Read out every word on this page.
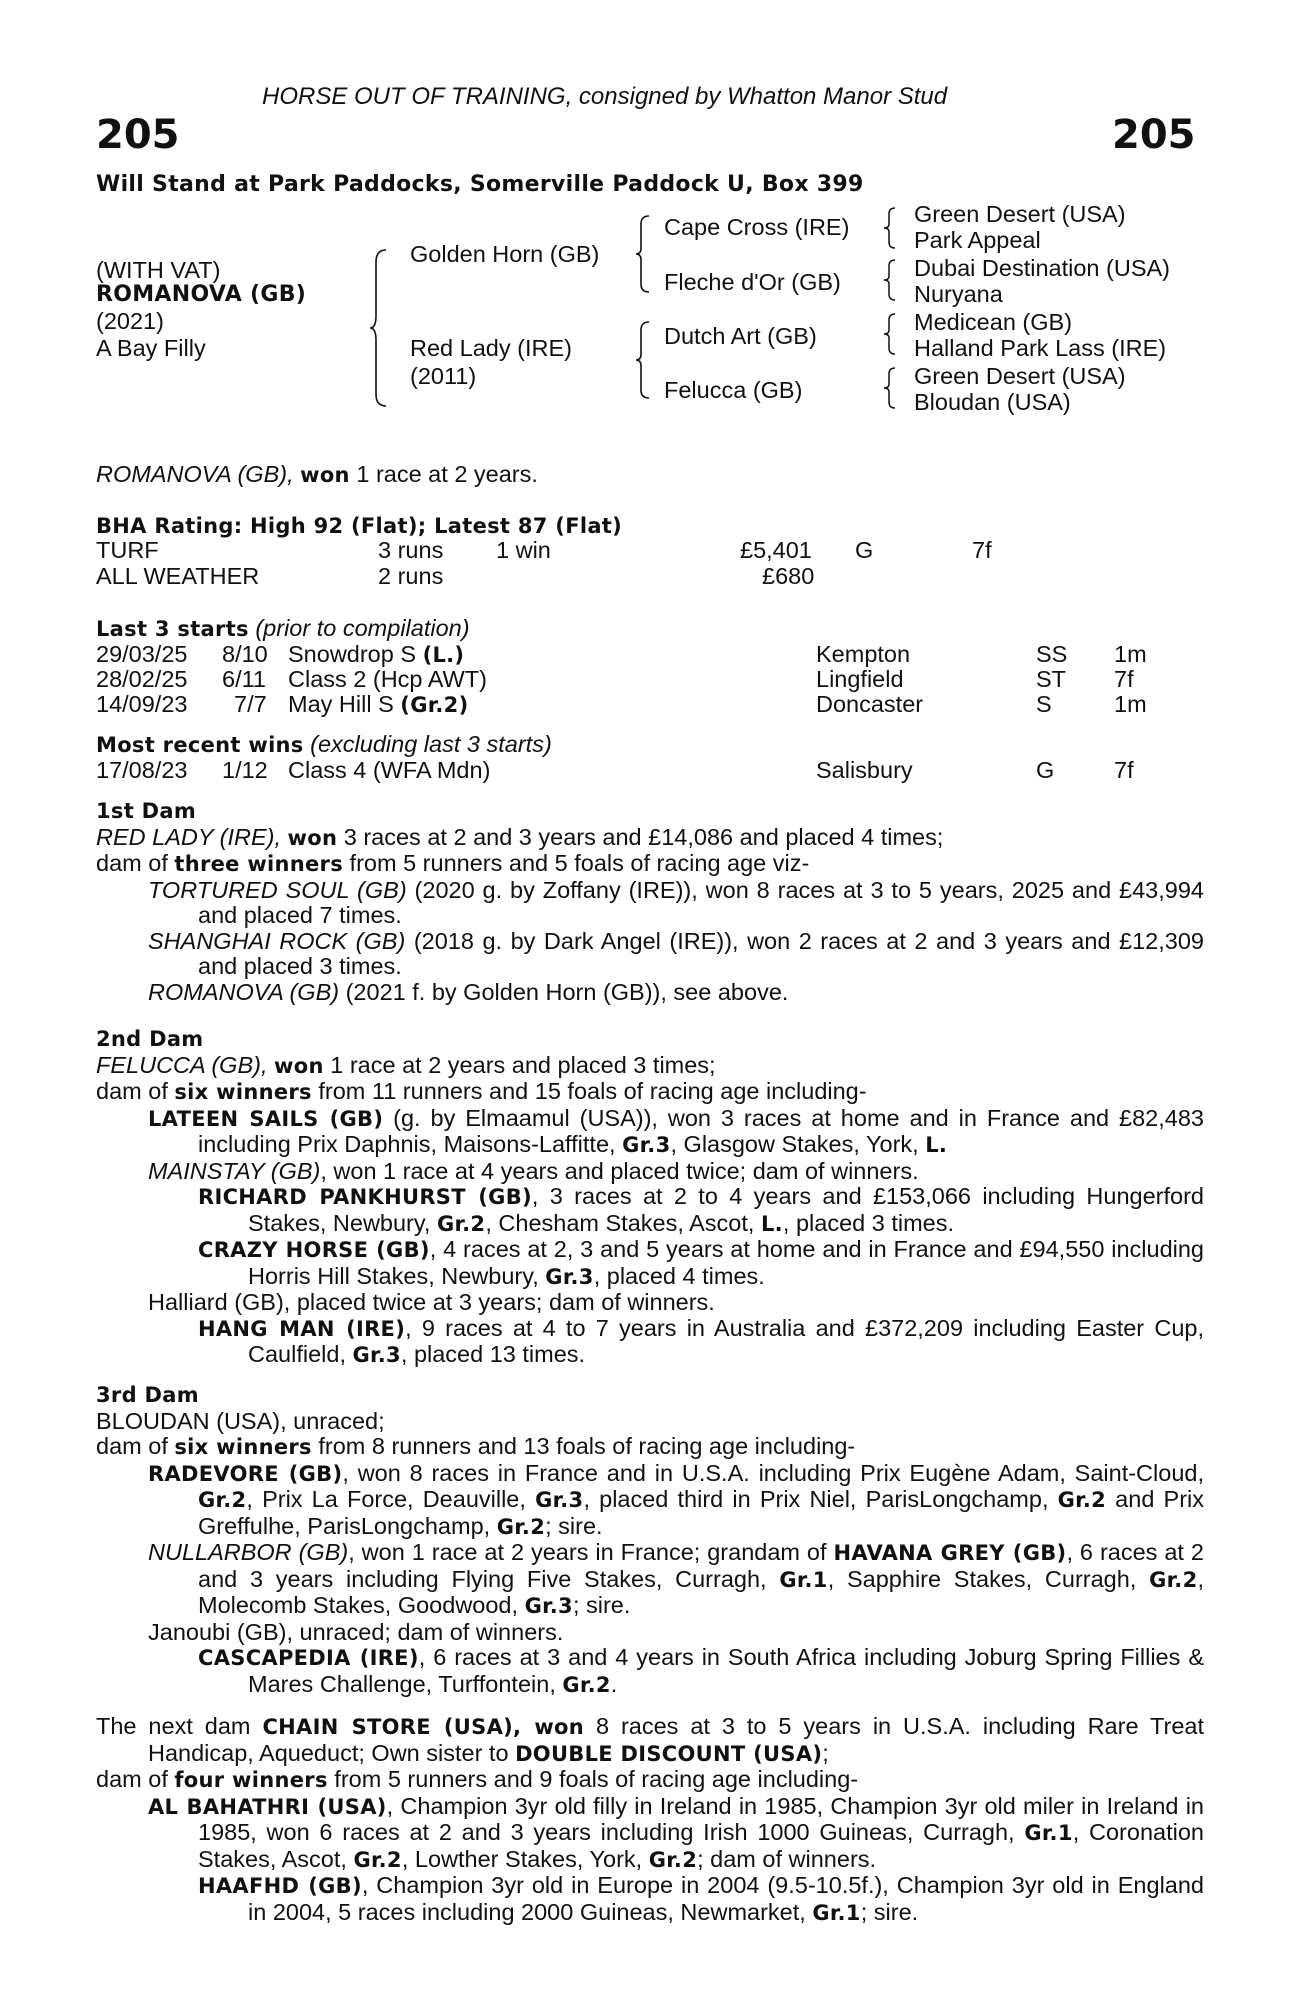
HORSE OUT OF TRAINING, consigned by Whatton Manor Stud
205	205
Will Stand at Park Paddocks, Somerville Paddock U, Box 399
(WITH VAT)
ROMANOVA (GB)
(2021)
A Bay Filly
Golden Horn (GB)
Red Lady (IRE)
(2011)
Cape Cross (IRE)
Fleche d'Or (GB)
Dutch Art (GB)
Felucca (GB)
Green Desert (USA)
Park Appeal
Dubai Destination (USA)
Nuryana
Medicean (GB)
Halland Park Lass (IRE)
Green Desert (USA)
Bloudan (USA)
ROMANOVA (GB), won 1 race at 2 years.
BHA Rating: High 92 (Flat); Latest 87 (Flat)
TURF	3 runs 1 win	£5,401 G	7f
ALL WEATHER	2 runs	£680
Last 3 starts (prior to compilation)
29/03/25 8/10 Snowdrop S (L.)	Kempton	SS 1m
28/02/25 6/11 Class 2 (Hcp AWT)	Lingfield	ST 7f
14/09/23 7/7 May Hill S (Gr.2)	Doncaster	S	1m
Most recent wins (excluding last 3 starts)
17/08/23 1/12 Class 4 (WFA Mdn)	Salisbury	G	7f

1st Dam

RED LADY (IRE), won 3 races at 2 and 3 years and £14,086 and placed 4 times;

dam of three winners from 5 runners and 5 foals of racing age viz-

TORTURED SOUL (GB) (2020 g. by Zoffany (IRE)), won 8 races at 3 to 5 years, 2025 and £43,994 and placed 7 times.

SHANGHAI ROCK (GB) (2018 g. by Dark Angel (IRE)), won 2 races at 2 and 3 years and £12,309 and placed 3 times.

ROMANOVA (GB) (2021 f. by Golden Horn (GB)), see above.

2nd Dam

FELUCCA (GB), won 1 race at 2 years and placed 3 times;

dam of six winners from 11 runners and 15 foals of racing age including-

LATEEN SAILS (GB) (g. by Elmaamul (USA)), won 3 races at home and in France and £82,483 including Prix Daphnis, Maisons-Laffitte, Gr.3, Glasgow Stakes, York, L.

MAINSTAY (GB), won 1 race at 4 years and placed twice; dam of winners.

RICHARD PANKHURST (GB), 3 races at 2 to 4 years and £153,066 including Hungerford Stakes, Newbury, Gr.2, Chesham Stakes, Ascot, L., placed 3 times.

CRAZY HORSE (GB), 4 races at 2, 3 and 5 years at home and in France and £94,550 including Horris Hill Stakes, Newbury, Gr.3, placed 4 times.

Halliard (GB), placed twice at 3 years; dam of winners.

HANG MAN (IRE), 9 races at 4 to 7 years in Australia and £372,209 including Easter Cup, Caulfield, Gr.3, placed 13 times.

3rd Dam

BLOUDAN (USA), unraced;

dam of six winners from 8 runners and 13 foals of racing age including-

RADEVORE (GB), won 8 races in France and in U.S.A. including Prix Eugène Adam, Saint-Cloud, Gr.2, Prix La Force, Deauville, Gr.3, placed third in Prix Niel, ParisLongchamp, Gr.2 and Prix Greffulhe, ParisLongchamp, Gr.2; sire.

NULLARBOR (GB), won 1 race at 2 years in France; grandam of HAVANA GREY (GB), 6 races at 2 and 3 years including Flying Five Stakes, Curragh, Gr.1, Sapphire Stakes, Curragh, Gr.2, Molecomb Stakes, Goodwood, Gr.3; sire.

Janoubi (GB), unraced; dam of winners.

CASCAPEDIA (IRE), 6 races at 3 and 4 years in South Africa including Joburg Spring Fillies & Mares Challenge, Turffontein, Gr.2.

The next dam CHAIN STORE (USA), won 8 races at 3 to 5 years in U.S.A. including Rare Treat Handicap, Aqueduct; Own sister to DOUBLE DISCOUNT (USA);

dam of four winners from 5 runners and 9 foals of racing age including-

AL BAHATHRI (USA), Champion 3yr old filly in Ireland in 1985, Champion 3yr old miler in Ireland in 1985, won 6 races at 2 and 3 years including Irish 1000 Guineas, Curragh, Gr.1, Coronation Stakes, Ascot, Gr.2, Lowther Stakes, York, Gr.2; dam of winners.

HAAFHD (GB), Champion 3yr old in Europe in 2004 (9.5-10.5f.), Champion 3yr old in England in 2004, 5 races including 2000 Guineas, Newmarket, Gr.1; sire.
